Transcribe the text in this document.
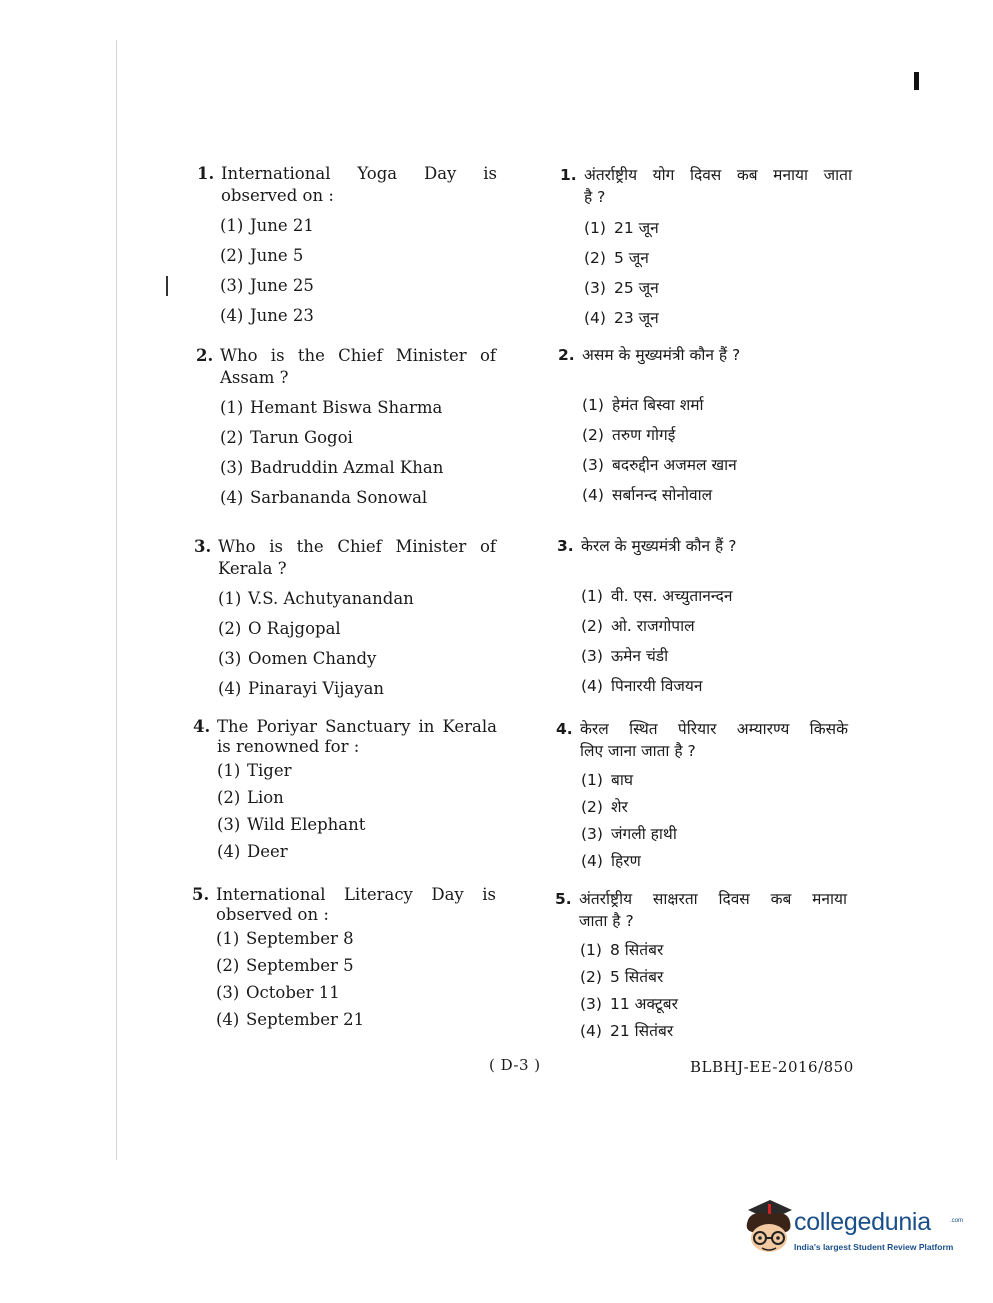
1. International Yoga Day is
observed on :
(1) June 21
(2) June 5
(3) June 25
(4) June 23
2. Who is the Chief Minister of
Assam ?
(1) Hemant Biswa Sharma
(2) Tarun Gogoi
(3) Badruddin Azmal Khan
(4) Sarbananda Sonowal
3. Who is the Chief Minister of
Kerala ?
(1) V.S. Achutyanandan
(2) O Rajgopal
(3) Oomen Chandy
(4) Pinarayi Vijayan
4. The Poriyar Sanctuary in Kerala
is renowned for :
(1) Tiger
(2) Lion
(3) Wild Elephant
(4) Deer
5. International Literacy Day is
observed on :
(1) September 8
(2) September 5
(3) October 11
(4) September 21
1. अंतर्राष्ट्रीय योग दिवस कब मनाया जाता
है ?
(1) 21 जून
(2) 5 जून
(3) 25 जून
(4) 23 जून
2. असम के मुख्यमंत्री कौन हैं ?
(1) हेमंत बिस्वा शर्मा
(2) तरुण गोगई
(3) बदरुद्दीन अजमल खान
(4) सर्बानन्द सोनोवाल
3. केरल के मुख्यमंत्री कौन हैं ?
(1) वी. एस. अच्युतानन्दन
(2) ओ. राजगोपाल
(3) ऊमेन चंडी
(4) पिनारयी विजयन
4. केरल स्थित पेरियार अम्यारण्य किसके
लिए जाना जाता है ?
(1) बाघ
(2) शेर
(3) जंगली हाथी
(4) हिरण
5. अंतर्राष्ट्रीय साक्षरता दिवस कब मनाया
जाता है ?
(1) 8 सितंबर
(2) 5 सितंबर
(3) 11 अक्टूबर
(4) 21 सितंबर
( D-3 )	BLBHJ-EE-2016/850
collegedunia	.com
India's largest Student Review Platform
